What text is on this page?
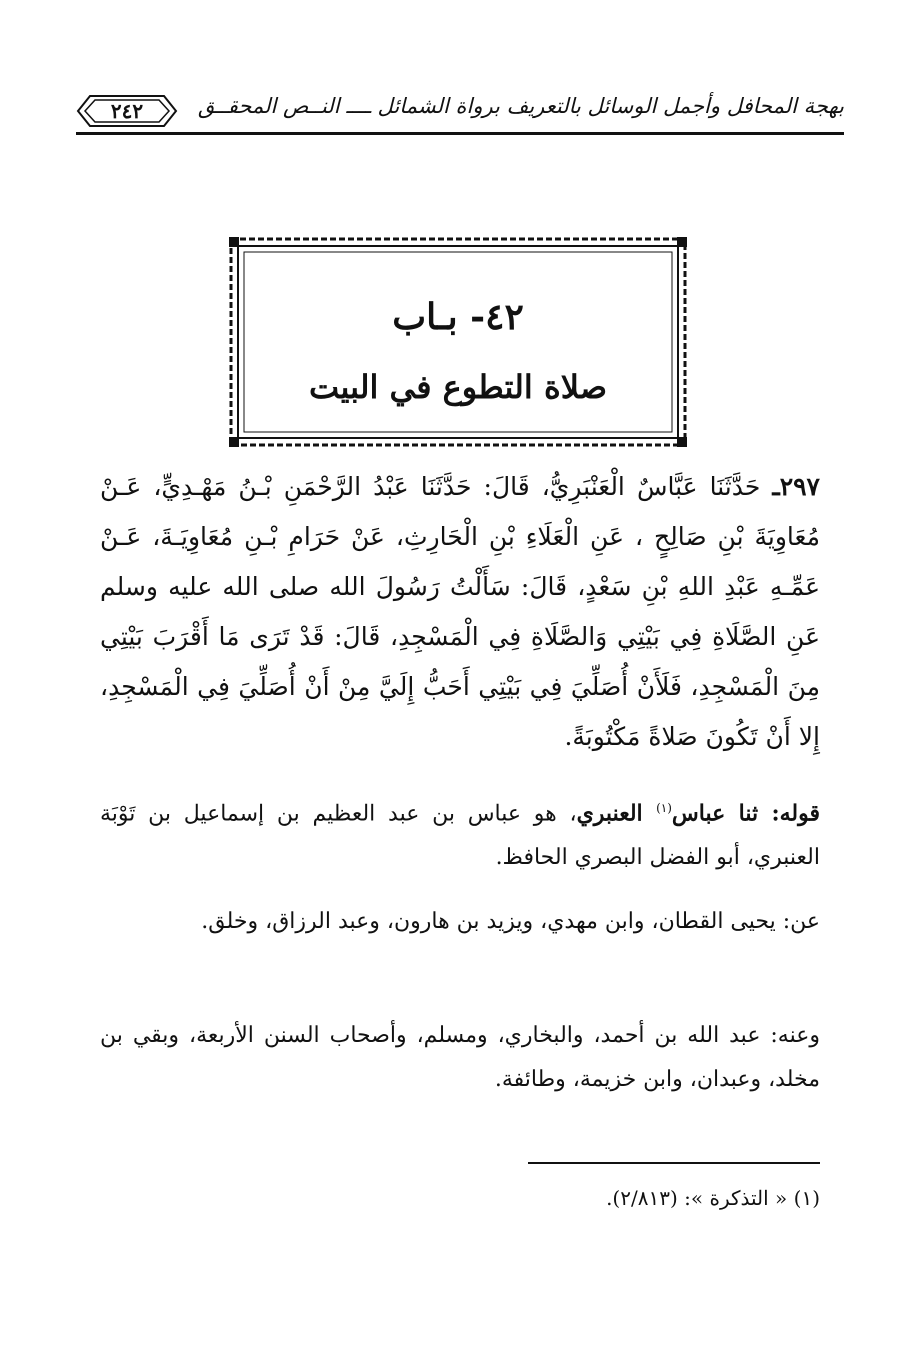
بهجة المحافل وأجمل الوسائل بالتعريف برواة الشمائل ــــ النــص المحقــق
٢٤٢
٤٢- بـاب
صلاة التطوع في البيت
٢٩٧ـ حَدَّثَنَا عَبَّاسٌ الْعَنْبَرِيُّ، قَالَ: حَدَّثَنَا عَبْدُ الرَّحْمَنِ بْـنُ مَهْـدِيٍّ، عَـنْ مُعَاوِيَةَ بْنِ صَالِحٍ ، عَنِ الْعَلَاءِ بْنِ الْحَارِثِ، عَنْ حَرَامِ بْـنِ مُعَاوِيَـةَ، عَـنْ عَمِّـهِ عَبْدِ اللهِ بْنِ سَعْدٍ، قَالَ: سَأَلْتُ رَسُولَ الله صلى الله عليه وسلم عَنِ الصَّلَاةِ فِي بَيْتِي وَالصَّلَاةِ فِي الْمَسْجِدِ، قَالَ: قَدْ تَرَى مَا أَقْرَبَ بَيْتِي مِنَ الْمَسْجِدِ، فَلَأَنْ أُصَلِّيَ فِي بَيْتِي أَحَبُّ إِلَيَّ مِنْ أَنْ أُصَلِّيَ فِي الْمَسْجِدِ، إِلا أَنْ تَكُونَ صَلاةً مَكْتُوبَةً.
قوله: ثنا عباس$^{(١)}$ العنبري، هو عباس بن عبد العظيم بن إسماعيل بن تَوْبَة العنبري، أبو الفضل البصري الحافظ.
عن: يحيى القطان، وابن مهدي، ويزيد بن هارون، وعبد الرزاق، وخلق.
وعنه: عبد الله بن أحمد، والبخاري، ومسلم، وأصحاب السنن الأربعة، وبقي بن مخلد، وعبدان، وابن خزيمة، وطائفة.
(١) « التذكرة »: (٢/٨١٣).
